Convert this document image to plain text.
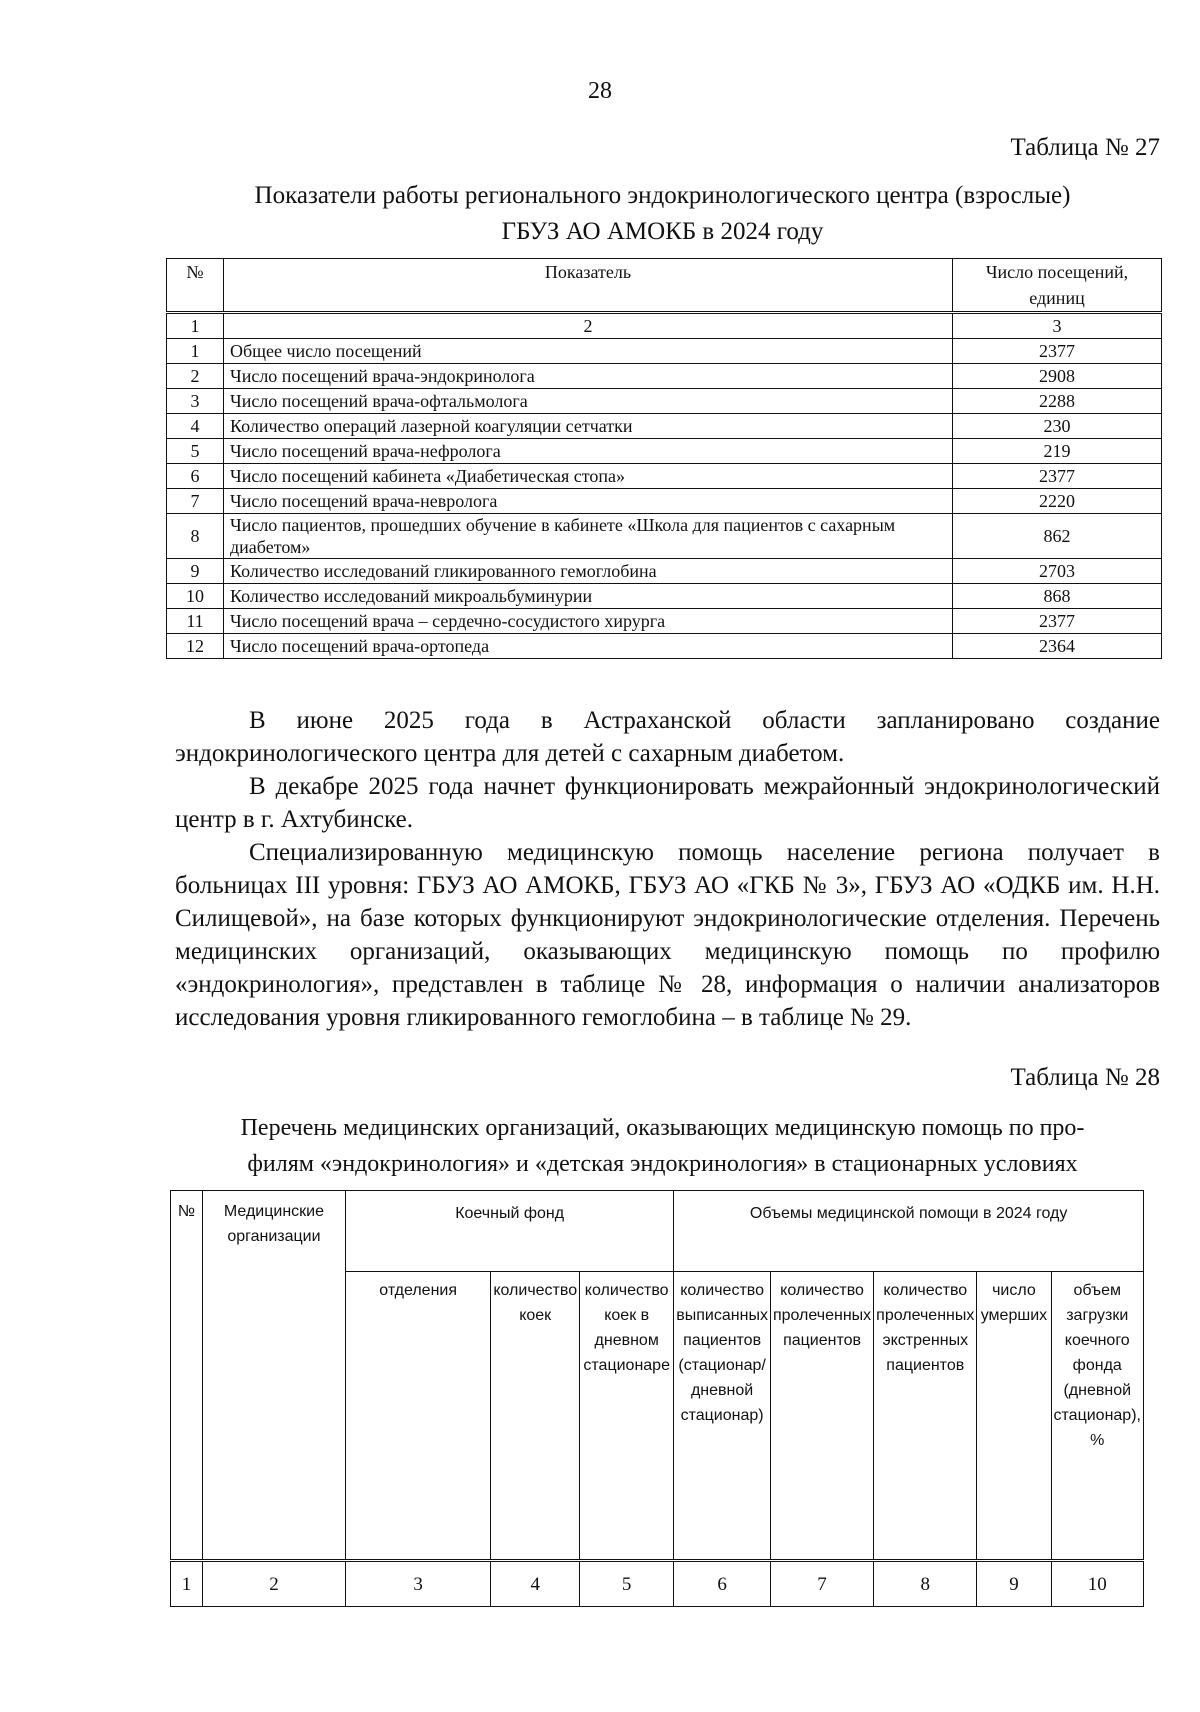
28
Таблица № 27
Показатели работы регионального эндокринологического центра (взрослые)
ГБУЗ АО АМОКБ в 2024 году
№	Показатель	Число посещений, единиц
1	2	3
1	Общее число посещений	2377
2	Число посещений врача-эндокринолога	2908
3	Число посещений врача-офтальмолога	2288
4	Количество операций лазерной коагуляции сетчатки	230
5	Число посещений врача-нефролога	219
6	Число посещений кабинета «Диабетическая стопа»	2377
7	Число посещений врача-невролога	2220
8	Число пациентов, прошедших обучение в кабинете «Школа для пациентов с сахарным диабетом»	862
9	Количество исследований гликированного гемоглобина	2703
10	Количество исследований микроальбуминурии	868
11	Число посещений врача – сердечно-сосудистого хирурга	2377
12	Число посещений врача-ортопеда	2364

В июне 2025 года в Астраханской области запланировано создание эндокринологического центра для детей с сахарным диабетом.

В декабре 2025 года начнет функционировать межрайонный эндокринологический центр в г. Ахтубинске.

Специализированную медицинскую помощь население региона получает в больницах III уровня: ГБУЗ АО АМОКБ, ГБУЗ АО «ГКБ № 3», ГБУЗ АО «ОДКБ им. Н.Н. Силищевой», на базе которых функционируют эндокринологические отделения. Перечень медицинских организаций, оказывающих медицинскую помощь по профилю «эндокринология», представлен в таблице № 28, информация о наличии анализаторов исследования уровня гликированного гемоглобина – в таблице № 29.

Таблица № 28
Перечень медицинских организаций, оказывающих медицинскую помощь по про-
филям «эндокринология» и «детская эндокринология» в стационарных условиях
№	Медицинские организации	Коечный фонд			Объемы медицинской помощи в 2024 году				
		отделения	количество коек	количество коек в дневном стационаре	количество выписанных пациентов (стационар/ дневной стационар)	количество пролеченных пациентов	количество пролеченных экстренных пациентов	число умерших	объем загрузки коечного фонда (дневной стационар), %
1	2	3	4	5	6	7	8	9	10
